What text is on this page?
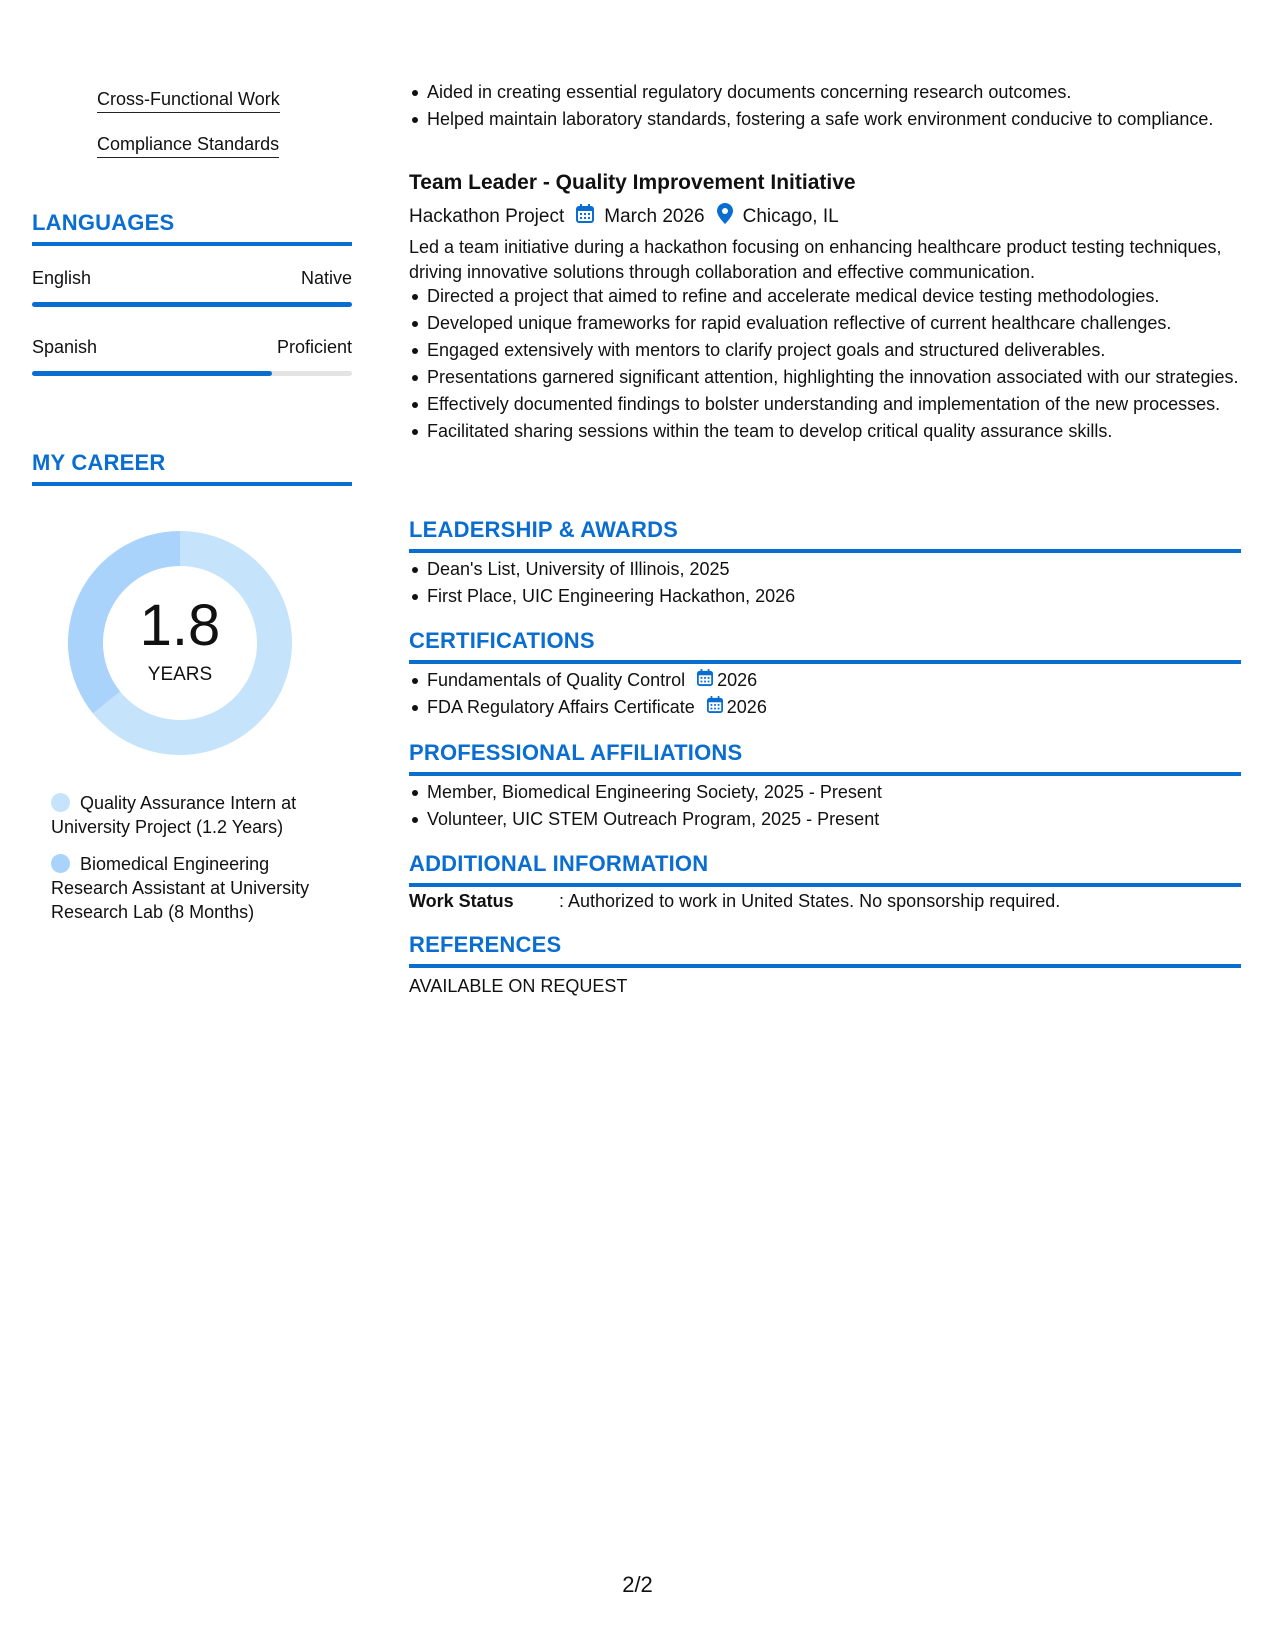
Cross-Functional Work
Compliance Standards
LANGUAGES
English	Native
Spanish	Proficient
MY CAREER
1.8
YEARS
Quality Assurance Intern at University Project (1.2 Years)
Biomedical Engineering Research Assistant at University Research Lab (8 Months)
Aided in creating essential regulatory documents concerning research outcomes.
Helped maintain laboratory standards, fostering a safe work environment conducive to compliance.
Team Leader - Quality Improvement Initiative
Hackathon Project March 2026 Chicago, IL
Led a team initiative during a hackathon focusing on enhancing healthcare product testing techniques, driving innovative solutions through collaboration and effective communication.
Directed a project that aimed to refine and accelerate medical device testing methodologies.
Developed unique frameworks for rapid evaluation reflective of current healthcare challenges.
Engaged extensively with mentors to clarify project goals and structured deliverables.
Presentations garnered significant attention, highlighting the innovation associated with our strategies.
Effectively documented findings to bolster understanding and implementation of the new processes.
Facilitated sharing sessions within the team to develop critical quality assurance skills.
LEADERSHIP & AWARDS
Dean's List, University of Illinois, 2025
First Place, UIC Engineering Hackathon, 2026
CERTIFICATIONS
Fundamentals of Quality Control 2026
FDA Regulatory Affairs Certificate 2026
PROFESSIONAL AFFILIATIONS
Member, Biomedical Engineering Society, 2025 - Present
Volunteer, UIC STEM Outreach Program, 2025 - Present
ADDITIONAL INFORMATION
Work Status	: Authorized to work in United States. No sponsorship required.
REFERENCES
AVAILABLE ON REQUEST
2/2
